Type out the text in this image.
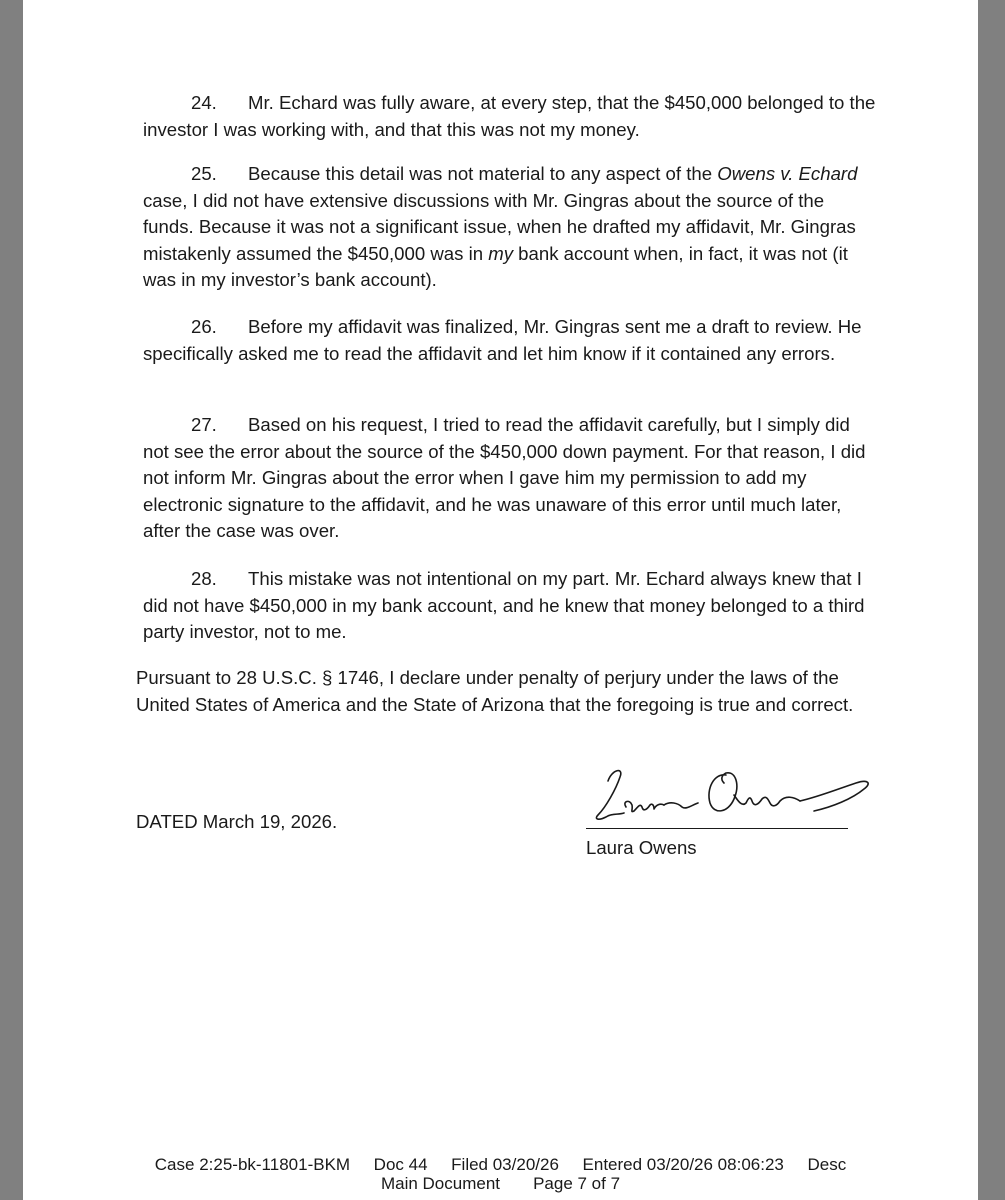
24. Mr. Echard was fully aware, at every step, that the $450,000 belonged to the investor I was working with, and that this was not my money.

25. Because this detail was not material to any aspect of the Owens v. Echard case, I did not have extensive discussions with Mr. Gingras about the source of the funds. Because it was not a significant issue, when he drafted my affidavit, Mr. Gingras mistakenly assumed the $450,000 was in my bank account when, in fact, it was not (it was in my investor’s bank account).

26. Before my affidavit was finalized, Mr. Gingras sent me a draft to review. He specifically asked me to read the affidavit and let him know if it contained any errors.

27. Based on his request, I tried to read the affidavit carefully, but I simply did not see the error about the source of the $450,000 down payment. For that reason, I did not inform Mr. Gingras about the error when I gave him my permission to add my electronic signature to the affidavit, and he was unaware of this error until much later, after the case was over.

28. This mistake was not intentional on my part. Mr. Echard always knew that I did not have $450,000 in my bank account, and he knew that money belonged to a third party investor, not to me.

Pursuant to 28 U.S.C. § 1746, I declare under penalty of perjury under the laws of the United States of America and the State of Arizona that the foregoing is true and correct.

DATED March 19, 2026.
Laura Owens
Case 2:25-bk-11801-BKM     Doc 44     Filed 03/20/26     Entered 03/20/26 08:06:23     Desc
Main Document       Page 7 of 7
